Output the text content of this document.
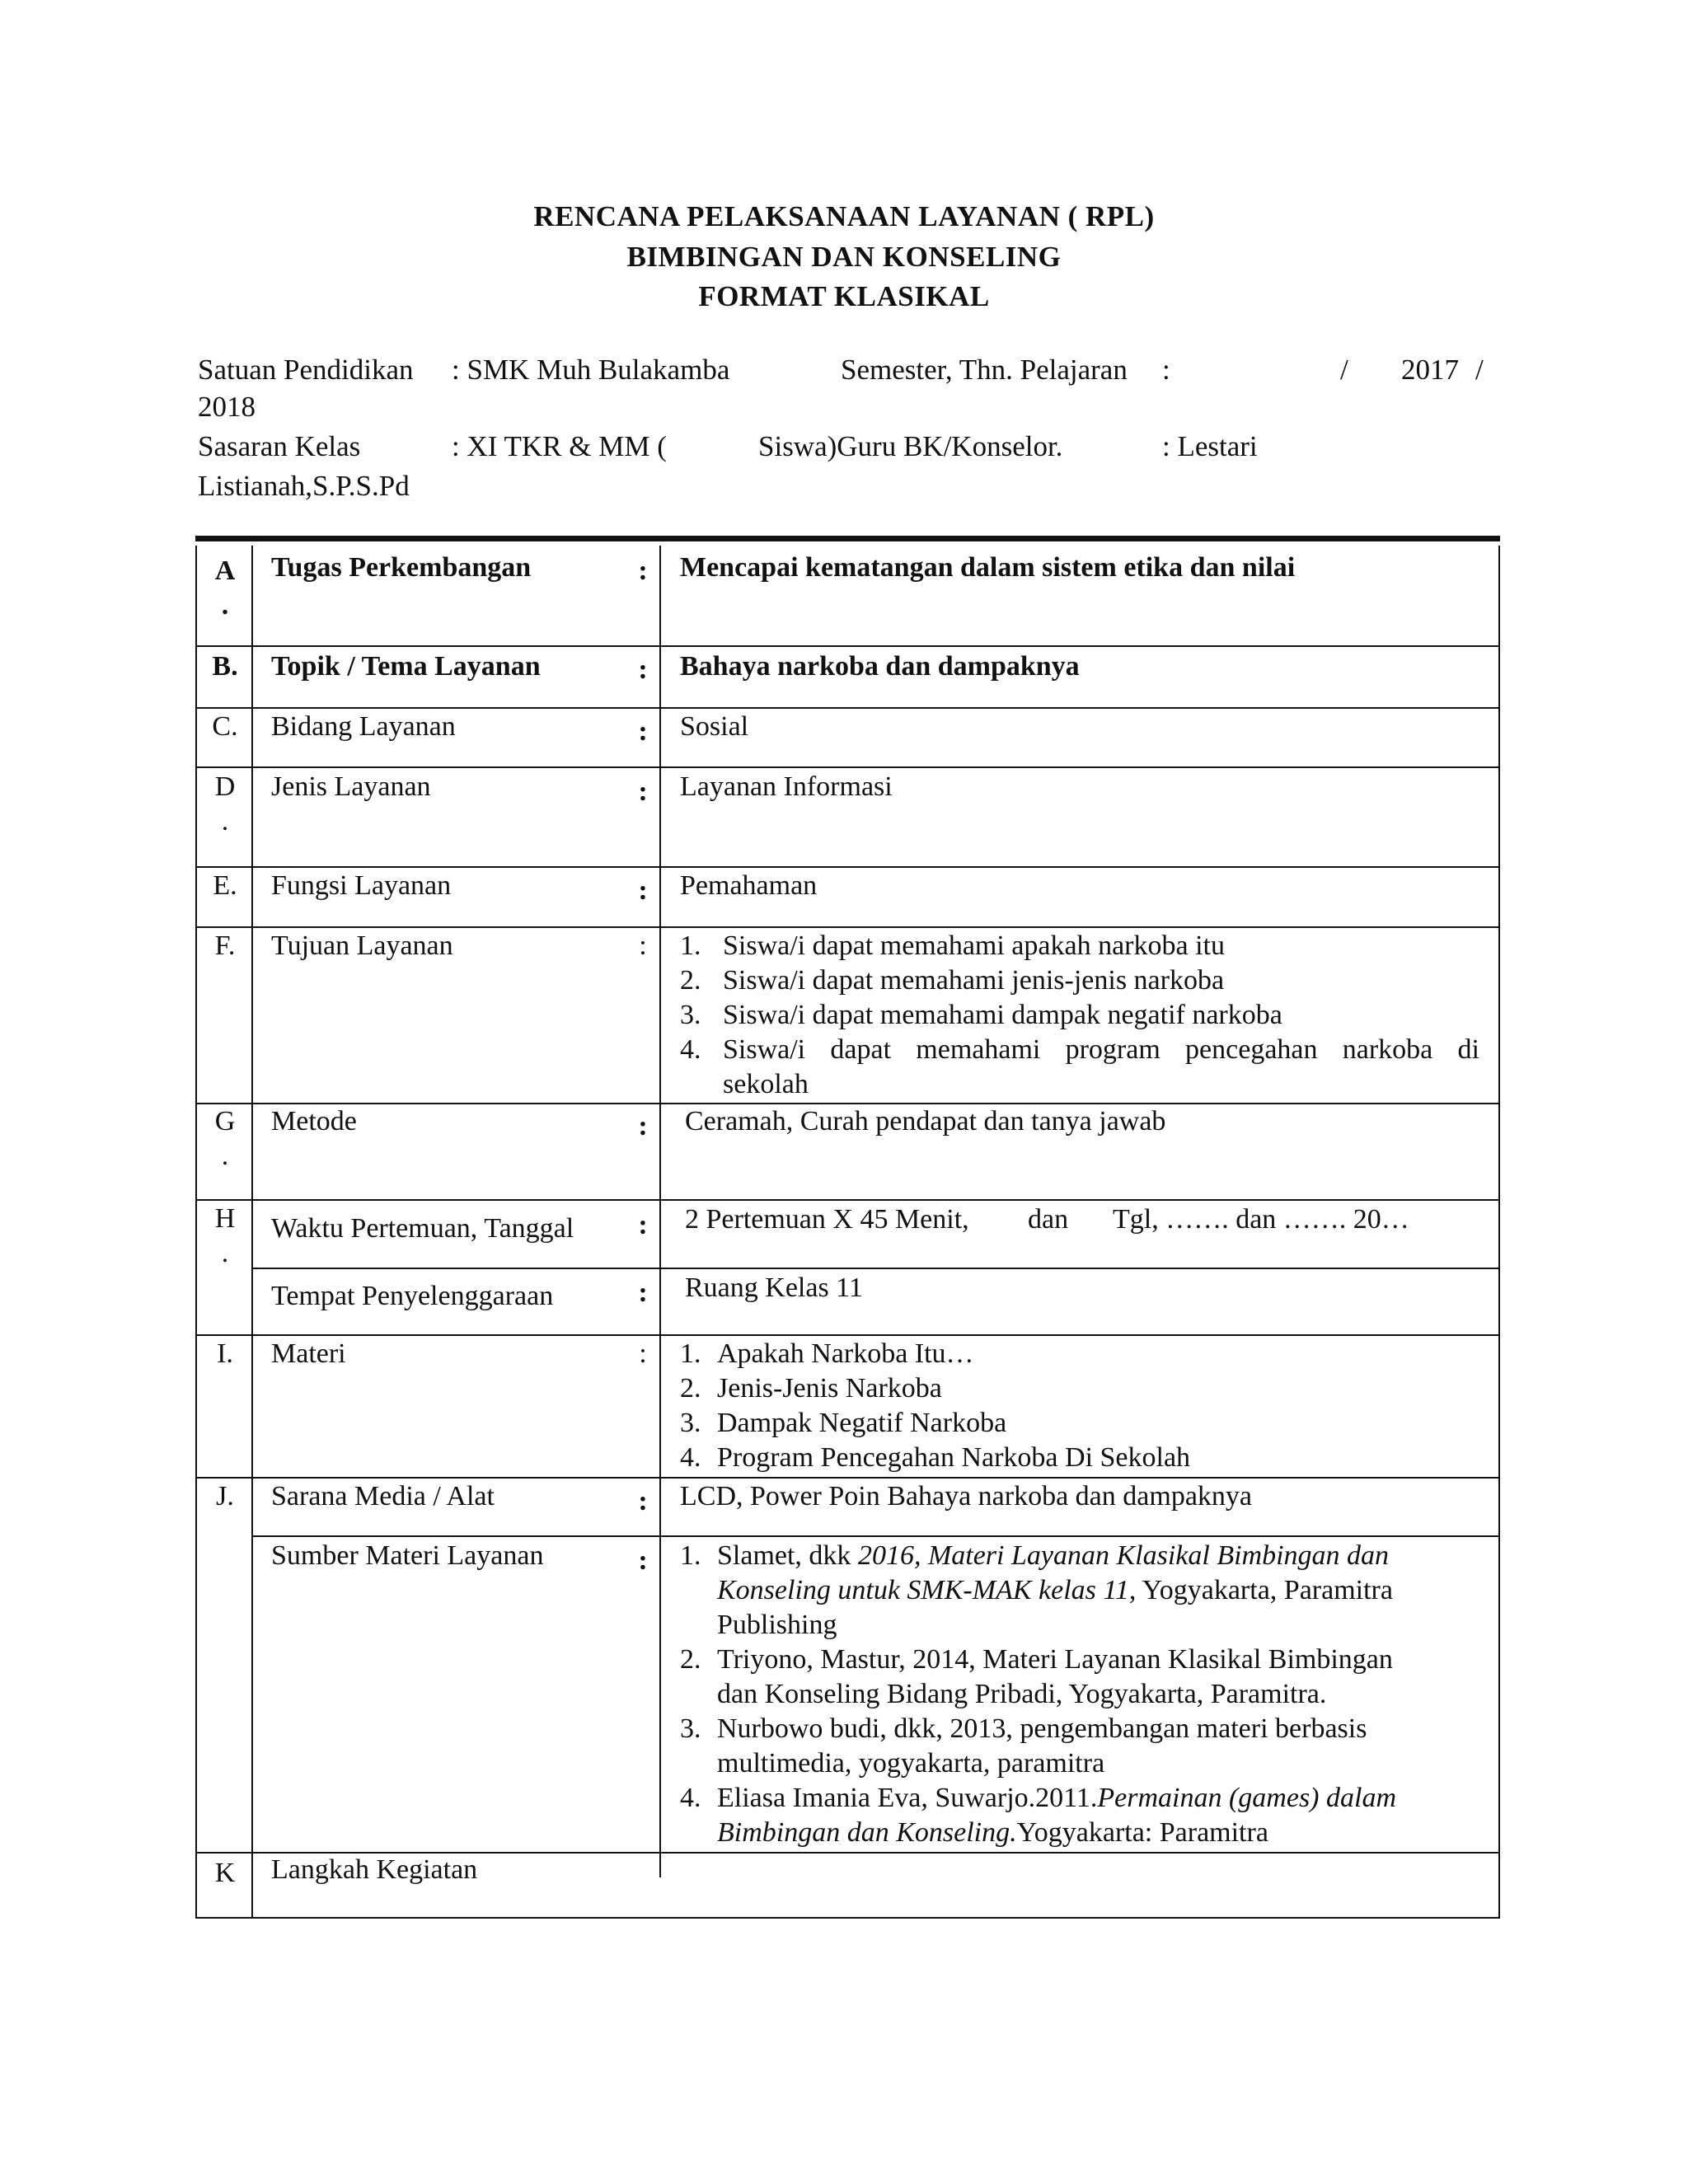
RENCANA PELAKSANAAN LAYANAN ( RPL)
BIMBINGAN DAN KONSELING
FORMAT KLASIKAL
Satuan Pendidikan : SMK Muh Bulakamba	Semester, Thn. Pelajaran :	/ 2017 /
2018
Sasaran Kelas	: XI TKR & MM (	Siswa)Guru BK/Konselor.	: Lestari
Listianah,S.P.S.Pd
A
.
Tugas Perkembangan	: Mencapai kematangan dalam sistem etika dan nilai
B.	Topik / Tema Layanan	: Bahaya narkoba dan dampaknya
C.	Bidang Layanan	: Sosial
D
.
Jenis Layanan	: Layanan Informasi
E.	Fungsi Layanan	: Pemahaman
F.	Tujuan Layanan	:	1. Siswa/i dapat memahami apakah narkoba itu
2. Siswa/i dapat memahami jenis-jenis narkoba
3. Siswa/i dapat memahami dampak negatif narkoba
4. Siswa/i dapat memahami program pencegahan narkoba di
sekolah
G
.
Metode	: Ceramah, Curah pendapat dan tanya jawab
H
.
Waktu Pertemuan, Tanggal : 2 Pertemuan X 45 Menit, dan Tgl, ……. dan ……. 20…
Tempat Penyelenggaraan	: Ruang Kelas 11
I.	Materi	:	1. Apakah Narkoba Itu…
2. Jenis-Jenis Narkoba
3. Dampak Negatif Narkoba
4. Program Pencegahan Narkoba Di Sekolah
J.	Sarana Media / Alat	: LCD, Power Poin Bahaya narkoba dan dampaknya
Sumber Materi Layanan	: 1. Slamet, dkk 2016, Materi Layanan Klasikal Bimbingan dan
Konseling untuk SMK-MAK kelas 11, Yogyakarta, Paramitra
Publishing
2. Triyono, Mastur, 2014, Materi Layanan Klasikal Bimbingan
dan Konseling Bidang Pribadi, Yogyakarta, Paramitra.
3. Nurbowo budi, dkk, 2013, pengembangan materi berbasis
multimedia, yogyakarta, paramitra
4. Eliasa Imania Eva, Suwarjo.2011.Permainan (games) dalam
Bimbingan dan Konseling.Yogyakarta: Paramitra
K	Langkah Kegiatan
